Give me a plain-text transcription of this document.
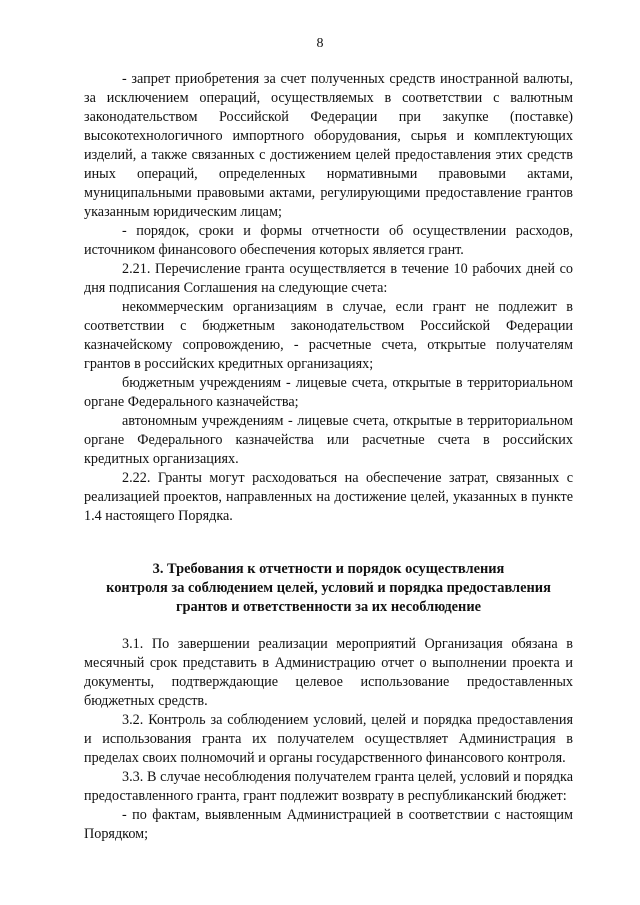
8

- запрет приобретения за счет полученных средств иностранной валюты, за исключением операций, осуществляемых в соответствии с валютным законодательством Российской Федерации при закупке (поставке) высокотехнологичного импортного оборудования, сырья и комплектующих изделий, а также связанных с достижением целей предоставления этих средств иных операций, определенных нормативными правовыми актами, муниципальными правовыми актами, регулирующими предоставление грантов указанным юридическим лицам;

- порядок, сроки и формы отчетности об осуществлении расходов, источником финансового обеспечения которых является грант.

2.21. Перечисление гранта осуществляется в течение 10 рабочих дней со дня подписания Соглашения на следующие счета:

некоммерческим организациям в случае, если грант не подлежит в соответствии с бюджетным законодательством Российской Федерации казначейскому сопровождению, - расчетные счета, открытые получателям грантов в российских кредитных организациях;

бюджетным учреждениям - лицевые счета, открытые в территориальном органе Федерального казначейства;

автономным учреждениям - лицевые счета, открытые в территориальном органе Федерального казначейства или расчетные счета в российских кредитных организациях.

2.22. Гранты могут расходоваться на обеспечение затрат, связанных с реализацией проектов, направленных на достижение целей, указанных в пункте 1.4 настоящего Порядка.

3. Требования к отчетности и порядок осуществления
контроля за соблюдением целей, условий и порядка предоставления
грантов и ответственности за их несоблюдение

3.1. По завершении реализации мероприятий Организация обязана в месячный срок представить в Администрацию отчет о выполнении проекта и документы, подтверждающие целевое использование предоставленных бюджетных средств.

3.2. Контроль за соблюдением условий, целей и порядка предоставления и использования гранта их получателем осуществляет Администрация в пределах своих полномочий и органы государственного финансового контроля.

3.3. В случае несоблюдения получателем гранта целей, условий и порядка предоставленного гранта, грант подлежит возврату в республиканский бюджет:

- по фактам, выявленным Администрацией в соответствии с настоящим Порядком;
